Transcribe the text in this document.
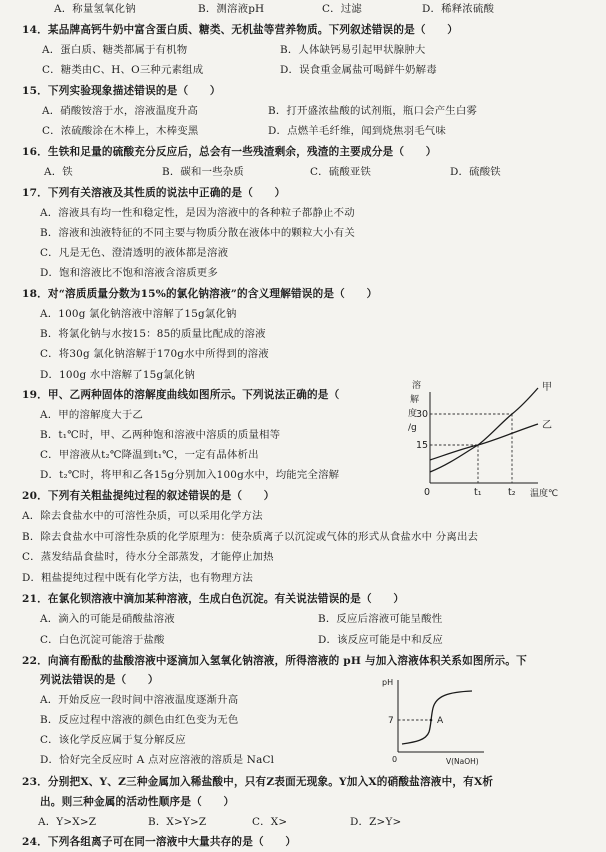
A．称量氢氧化钠	B．测溶液pH	C．过滤	D．稀释浓硫酸
14．某品牌高钙牛奶中富含蛋白质、糖类、无机盐等营养物质。下列叙述错误的是（　　）
A．蛋白质、糖类都属于有机物	B．人体缺钙易引起甲状腺肿大
C．糖类由C、H、O三种元素组成	D．误食重金属盐可喝鲜牛奶解毒
15．下列实验现象描述错误的是（　　）
A．硝酸铵溶于水，溶液温度升高	B．打开盛浓盐酸的试剂瓶，瓶口会产生白雾
C．浓硫酸涂在木棒上，木棒变黑	D．点燃羊毛纤维，闻到烧焦羽毛气味
16．生铁和足量的硫酸充分反应后，总会有一些残渣剩余，残渣的主要成分是（　　）
A．铁	B．碳和一些杂质	C．硫酸亚铁	D．硫酸铁
17．下列有关溶液及其性质的说法中正确的是（　　）
A．溶液具有均一性和稳定性，是因为溶液中的各种粒子都静止不动
B．溶液和浊液特征的不同主要与物质分散在液体中的颗粒大小有关
C．凡是无色、澄清透明的液体都是溶液
D．饱和溶液比不饱和溶液含溶质更多
18．对“溶质质量分数为15%的氯化钠溶液”的含义理解错误的是（　　）
A．100g 氯化钠溶液中溶解了15g氯化钠
B．将氯化钠与水按15：85的质量比配成的溶液
C．将30g 氯化钠溶解于170g水中所得到的溶液
D．100g 水中溶解了15g氯化钠
19．甲、乙两种固体的溶解度曲线如图所示。下列说法正确的是（
A．甲的溶解度大于乙
B．t₁℃时，甲、乙两种饱和溶液中溶质的质量相等
C．甲溶液从t₂℃降温到t₁℃，一定有晶体析出
D．t₂℃时，将甲和乙各15g分别加入100g水中，均能完全溶解
溶
解
度
/g
30
15
0	t₁	t₂ 温度℃
甲
乙
20．下列有关粗盐提纯过程的叙述错误的是（　　）
A．除去食盐水中的可溶性杂质，可以采用化学方法
B．除去食盐水中可溶性杂质的化学原理为：使杂质离子以沉淀或气体的形式从食盐水中 分离出去
C．蒸发结晶食盐时，待水分全部蒸发，才能停止加热
D．粗盐提纯过程中既有化学方法，也有物理方法
21．在氯化钡溶液中滴加某种溶液，生成白色沉淀。有关说法错误的是（　　）
A．滴入的可能是硝酸盐溶液	B．反应后溶液可能呈酸性
C．白色沉淀可能溶于盐酸	D．该反应可能是中和反应
22．向滴有酚酞的盐酸溶液中逐滴加入氢氧化钠溶液，所得溶液的 pH 与加入溶液体积关系如图所示。下
列说法错误的是（　　）
A．开始反应一段时间中溶液温度逐渐升高
B．反应过程中溶液的颜色由红色变为无色
C．该化学反应属于复分解反应
D．恰好完全反应时 A 点对应溶液的溶质是 NaCl
pH
7	A
0	V(NaOH)
23．分别把X、Y、Z三种金属加入稀盐酸中，只有Z表面无现象。Y加入X的硝酸盐溶液中，有X析
出。则三种金属的活动性顺序是（　　）
A．Y>X>Z	B．X>Y>Z	C．X>	D．Z>Y>
24．下列各组离子可在同一溶液中大量共存的是（　　）
